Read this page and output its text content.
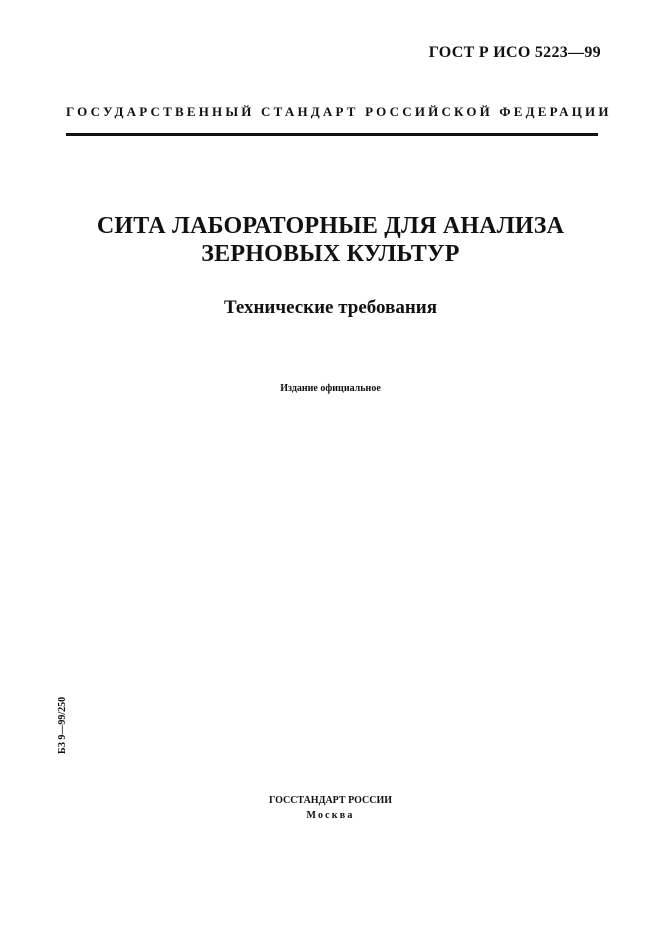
ГОСТ Р ИСО 5223—99
ГОСУДАРСТВЕННЫЙ СТАНДАРТ РОССИЙСКОЙ ФЕДЕРАЦИИ
СИТА ЛАБОРАТОРНЫЕ ДЛЯ АНАЛИЗА
ЗЕРНОВЫХ КУЛЬТУР
Технические требования
Издание официальное
БЗ 9—99/250
ГОССТАНДАРТ РОССИИ
Москва
